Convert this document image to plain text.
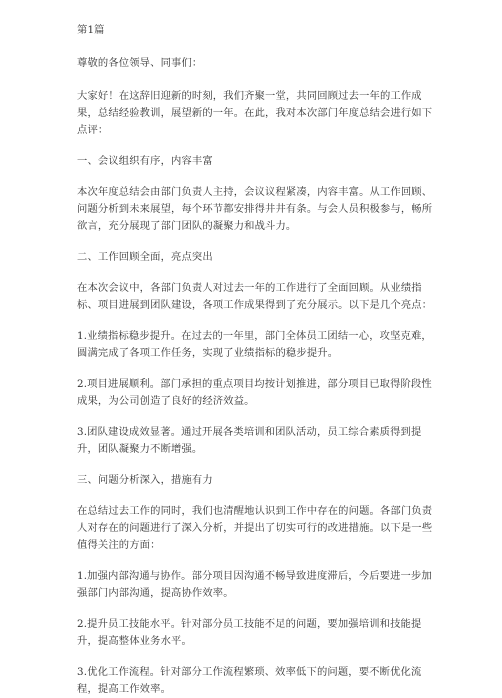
第1篇

尊敬的各位领导、同事们：

大家好！在这辞旧迎新的时刻，我们齐聚一堂，共同回顾过去一年的工作成果，总结经验教训，展望新的一年。在此，我对本次部门年度总结会进行如下点评：

一、会议组织有序，内容丰富

本次年度总结会由部门负责人主持，会议议程紧凑，内容丰富。从工作回顾、问题分析到未来展望，每个环节都安排得井井有条。与会人员积极参与，畅所欲言，充分展现了部门团队的凝聚力和战斗力。

二、工作回顾全面，亮点突出

在本次会议中，各部门负责人对过去一年的工作进行了全面回顾。从业绩指标、项目进展到团队建设，各项工作成果得到了充分展示。以下是几个亮点：

1.业绩指标稳步提升。在过去的一年里，部门全体员工团结一心，攻坚克难，圆满完成了各项工作任务，实现了业绩指标的稳步提升。

2.项目进展顺利。部门承担的重点项目均按计划推进，部分项目已取得阶段性成果，为公司创造了良好的经济效益。

3.团队建设成效显著。通过开展各类培训和团队活动，员工综合素质得到提升，团队凝聚力不断增强。

三、问题分析深入，措施有力

在总结过去工作的同时，我们也清醒地认识到工作中存在的问题。各部门负责人对存在的问题进行了深入分析，并提出了切实可行的改进措施。以下是一些值得关注的方面：

1.加强内部沟通与协作。部分项目因沟通不畅导致进度滞后，今后要进一步加强部门内部沟通，提高协作效率。

2.提升员工技能水平。针对部分员工技能不足的问题，要加强培训和技能提升，提高整体业务水平。

3.优化工作流程。针对部分工作流程繁琐、效率低下的问题，要不断优化流程，提高工作效率。
